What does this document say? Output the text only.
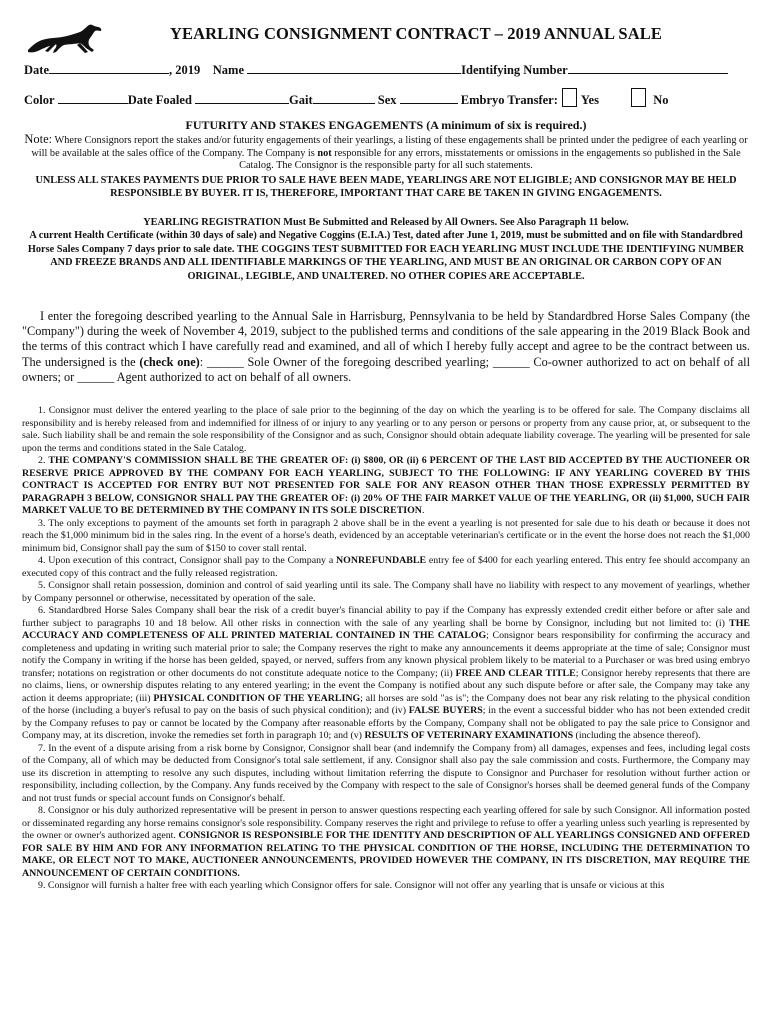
YEARLING CONSIGNMENT CONTRACT – 2019 ANNUAL SALE
Date	, 2019 Name	Identifying Number
Color	Date Foaled	Gait	Sex	Embryo Transfer: Yes	No
FUTURITY AND STAKES ENGAGEMENTS (A minimum of six is required.)
Note: Where Consignors report the stakes and/or futurity engagements of their yearlings, a listing of these engagements shall be printed under the pedigree of each yearling or will be available at the sales office of the Company. The Company is not responsible for any errors, misstatements or omissions in the engagements so published in the Sale Catalog. The Consignor is the responsible party for all such statements.
UNLESS ALL STAKES PAYMENTS DUE PRIOR TO SALE HAVE BEEN MADE, YEARLINGS ARE NOT ELIGIBLE; AND CONSIGNOR MAY BE HELD RESPONSIBLE BY BUYER. IT IS, THEREFORE, IMPORTANT THAT CARE BE TAKEN IN GIVING ENGAGEMENTS.
YEARLING REGISTRATION Must Be Submitted and Released by All Owners. See Also Paragraph 11 below.
A current Health Certificate (within 30 days of sale) and Negative Coggins (E.I.A.) Test, dated after June 1, 2019, must be submitted and on file with Standardbred Horse Sales Company 7 days prior to sale date. THE COGGINS TEST SUBMITTED FOR EACH YEARLING MUST INCLUDE THE IDENTIFYING NUMBER AND FREEZE BRANDS AND ALL IDENTIFIABLE MARKINGS OF THE YEARLING, AND MUST BE AN ORIGINAL OR CARBON COPY OF AN ORIGINAL, LEGIBLE, AND UNALTERED. NO OTHER COPIES ARE ACCEPTABLE.
I enter the foregoing described yearling to the Annual Sale in Harrisburg, Pennsylvania to be held by Standardbred Horse Sales Company (the "Company") during the week of November 4, 2019, subject to the published terms and conditions of the sale appearing in the 2019 Black Book and the terms of this contract which I have carefully read and examined, and all of which I hereby fully accept and agree to be the contract between us. The undersigned is the (check one): ______ Sole Owner of the foregoing described yearling; ______ Co-owner authorized to act on behalf of all owners; or ______ Agent authorized to act on behalf of all owners.

1. Consignor must deliver the entered yearling to the place of sale prior to the beginning of the day on which the yearling is to be offered for sale. The Company disclaims all responsibility and is hereby released from and indemnified for illness of or injury to any yearling or to any person or persons or property from any cause prior, at, or subsequent to the sale. Such liability shall be and remain the sole responsibility of the Consignor and as such, Consignor should obtain adequate liability coverage. The yearling will be presented for sale upon the terms and conditions stated in the Sale Catalog.

2. THE COMPANY'S COMMISSION SHALL BE THE GREATER OF: (i) $800, OR (ii) 6 PERCENT OF THE LAST BID ACCEPTED BY THE AUCTIONEER OR RESERVE PRICE APPROVED BY THE COMPANY FOR EACH YEARLING, SUBJECT TO THE FOLLOWING: IF ANY YEARLING COVERED BY THIS CONTRACT IS ACCEPTED FOR ENTRY BUT NOT PRESENTED FOR SALE FOR ANY REASON OTHER THAN THOSE EXPRESSLY PERMITTED BY PARAGRAPH 3 BELOW, CONSIGNOR SHALL PAY THE GREATER OF: (i) 20% OF THE FAIR MARKET VALUE OF THE YEARLING, OR (ii) $1,000, SUCH FAIR MARKET VALUE TO BE DETERMINED BY THE COMPANY IN ITS SOLE DISCRETION.

3. The only exceptions to payment of the amounts set forth in paragraph 2 above shall be in the event a yearling is not presented for sale due to his death or because it does not reach the $1,000 minimum bid in the sales ring. In the event of a horse's death, evidenced by an acceptable veterinarian's certificate or in the event the horse does not reach the $1,000 minimum bid, Consignor shall pay the sum of $150 to cover stall rental.

4. Upon execution of this contract, Consignor shall pay to the Company a NONREFUNDABLE entry fee of $400 for each yearling entered. This entry fee should accompany an executed copy of this contract and the fully released registration.

5. Consignor shall retain possession, dominion and control of said yearling until its sale. The Company shall have no liability with respect to any movement of yearlings, whether by Company personnel or otherwise, necessitated by operation of the sale.

6. Standardbred Horse Sales Company shall bear the risk of a credit buyer's financial ability to pay if the Company has expressly extended credit either before or after sale and further subject to paragraphs 10 and 18 below. All other risks in connection with the sale of any yearling shall be borne by Consignor, including but not limited to: (i) THE ACCURACY AND COMPLETENESS OF ALL PRINTED MATERIAL CONTAINED IN THE CATALOG; Consignor bears responsibility for confirming the accuracy and completeness and updating in writing such material prior to sale; the Company reserves the right to make any announcements it deems appropriate at the time of sale; Consignor must notify the Company in writing if the horse has been gelded, spayed, or nerved, suffers from any known physical problem likely to be material to a Purchaser or was bred using embryo transfer; notations on registration or other documents do not constitute adequate notice to the Company; (ii) FREE AND CLEAR TITLE; Consignor hereby represents that there are no claims, liens, or ownership disputes relating to any entered yearling; in the event the Company is notified about any such dispute before or after sale, the Company may take any action it deems appropriate; (iii) PHYSICAL CONDITION OF THE YEARLING; all horses are sold "as is"; the Company does not bear any risk relating to the physical condition of the horse (including a buyer's refusal to pay on the basis of such physical condition); and (iv) FALSE BUYERS; in the event a successful bidder who has not been extended credit by the Company refuses to pay or cannot be located by the Company after reasonable efforts by the Company, Company shall not be obligated to pay the sale price to Consignor and Company may, at its discretion, invoke the remedies set forth in paragraph 10; and (v) RESULTS OF VETERINARY EXAMINATIONS (including the absence thereof).

7. In the event of a dispute arising from a risk borne by Consignor, Consignor shall bear (and indemnify the Company from) all damages, expenses and fees, including legal costs of the Company, all of which may be deducted from Consignor's total sale settlement, if any. Consignor shall also pay the sale commission and costs. Furthermore, the Company may use its discretion in attempting to resolve any such disputes, including without limitation referring the dispute to Consignor and Purchaser for resolution without further action or responsibility, including collection, by the Company. Any funds received by the Company with respect to the sale of Consignor's horses shall be deemed general funds of the Company and not trust funds or special account funds on Consignor's behalf.

8. Consignor or his duly authorized representative will be present in person to answer questions respecting each yearling offered for sale by such Consignor. All information posted or disseminated regarding any horse remains consignor's sole responsibility. Company reserves the right and privilege to refuse to offer a yearling unless such yearling is represented by the owner or owner's authorized agent. CONSIGNOR IS RESPONSIBLE FOR THE IDENTITY AND DESCRIPTION OF ALL YEARLINGS CONSIGNED AND OFFERED FOR SALE BY HIM AND FOR ANY INFORMATION RELATING TO THE PHYSICAL CONDITION OF THE HORSE, INCLUDING THE DETERMINATION TO MAKE, OR ELECT NOT TO MAKE, AUCTIONEER ANNOUNCEMENTS, PROVIDED HOWEVER THE COMPANY, IN ITS DISCRETION, MAY REQUIRE THE ANNOUNCEMENT OF CERTAIN CONDITIONS.

9. Consignor will furnish a halter free with each yearling which Consignor offers for sale. Consignor will not offer any yearling that is unsafe or vicious at this
